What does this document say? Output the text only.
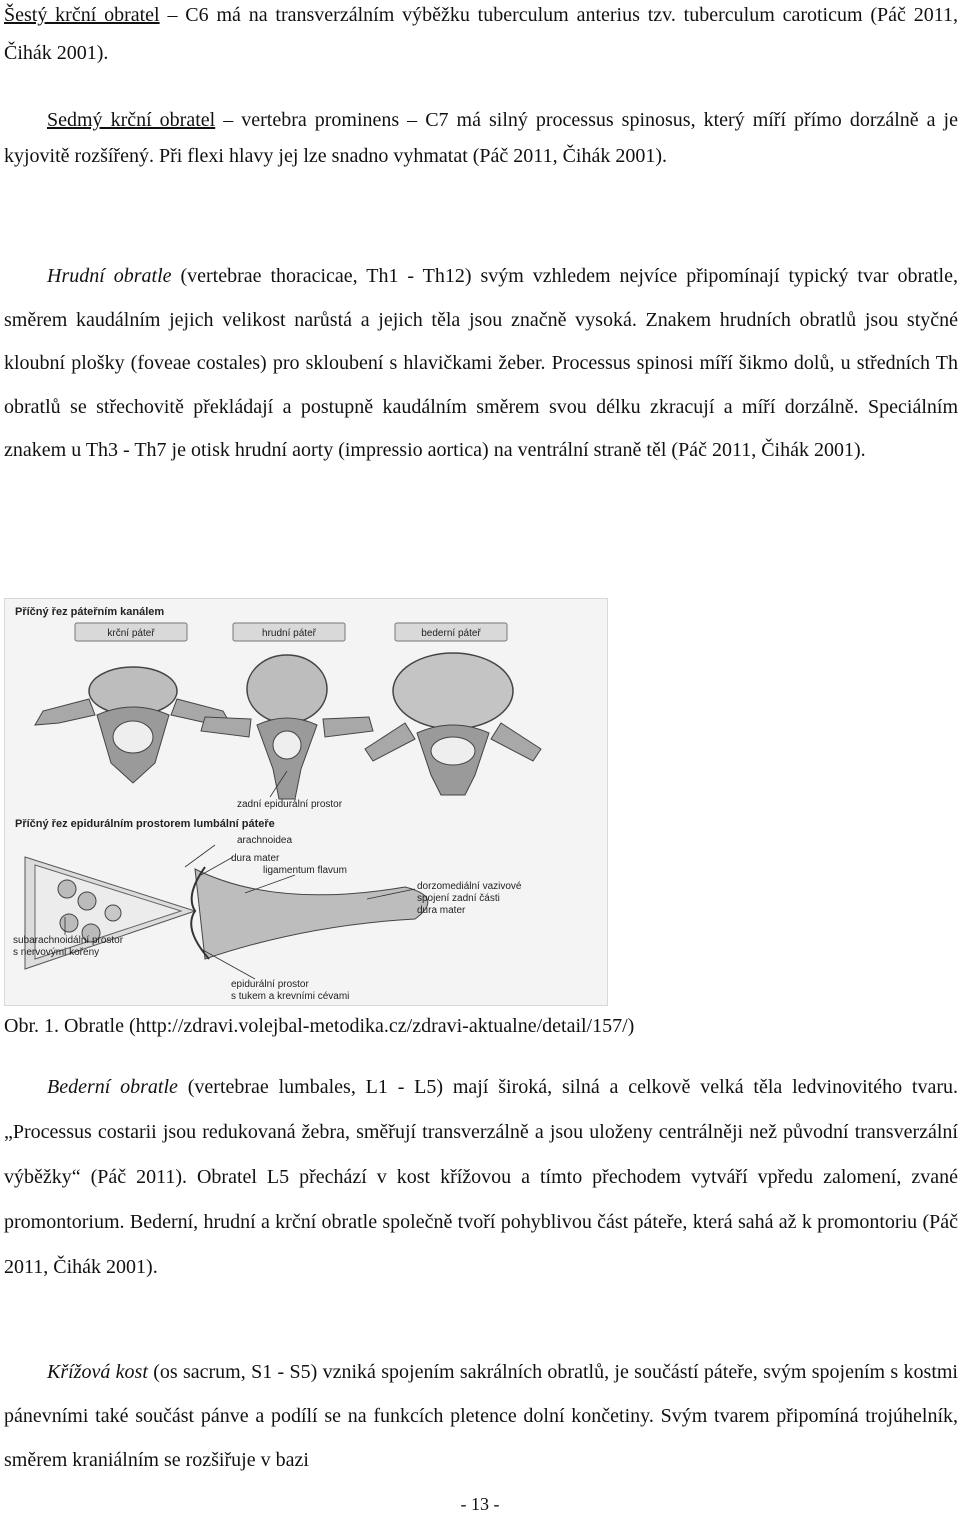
Šestý krční obratel – C6 má na transverzálním výběžku tuberculum anterius tzv. tuberculum caroticum (Páč 2011, Čihák 2001).

Sedmý krční obratel – vertebra prominens – C7 má silný processus spinosus, který míří přímo dorzálně a je kyjovitě rozšířený. Při flexi hlavy jej lze snadno vyhmatat (Páč 2011, Čihák 2001).

Hrudní obratle (vertebrae thoracicae, Th1 - Th12) svým vzhledem nejvíce připomínají typický tvar obratle, směrem kaudálním jejich velikost narůstá a jejich těla jsou značně vysoká. Znakem hrudních obratlů jsou styčné kloubní plošky (foveae costales) pro skloubení s hlavičkami žeber. Processus spinosi míří šikmo dolů, u středních Th obratlů se střechovitě překládají a postupně kaudálním směrem svou délku zkracují a míří dorzálně. Speciálním znakem u Th3 - Th7 je otisk hrudní aorty (impressio aortica) na ventrální straně těl (Páč 2011, Čihák 2001).

Příčný řez páteřním kanálem
krční páteř	hrudní páteř	bederní páteř
zadní epidurální prostor
Příčný řez epidurálním prostorem lumbální páteře
arachnoidea
dura mater
ligamentum flavum
dorzomediální vazivové
spojení zadní části
dura mater
subarachnoidální prostor
s nervovými kořeny
epidurální prostor
s tukem a krevními cévami

Obr. 1. Obratle (http://zdravi.volejbal-metodika.cz/zdravi-aktualne/detail/157/)

Bederní obratle (vertebrae lumbales, L1 - L5) mají široká, silná a celkově velká těla ledvinovitého tvaru. „Processus costarii jsou redukovaná žebra, směřují transverzálně a jsou uloženy centrálněji než původní transverzální výběžky“ (Páč 2011). Obratel L5 přechází v kost křížovou a tímto přechodem vytváří vpředu zalomení, zvané promontorium. Bederní, hrudní a krční obratle společně tvoří pohyblivou část páteře, která sahá až k promontoriu (Páč 2011, Čihák 2001).

Křížová kost (os sacrum, S1 - S5) vzniká spojením sakrálních obratlů, je součástí páteře, svým spojením s kostmi pánevními také součást pánve a podílí se na funkcích pletence dolní končetiny. Svým tvarem připomíná trojúhelník, směrem kraniálním se rozšiřuje v bazi

- 13 -
